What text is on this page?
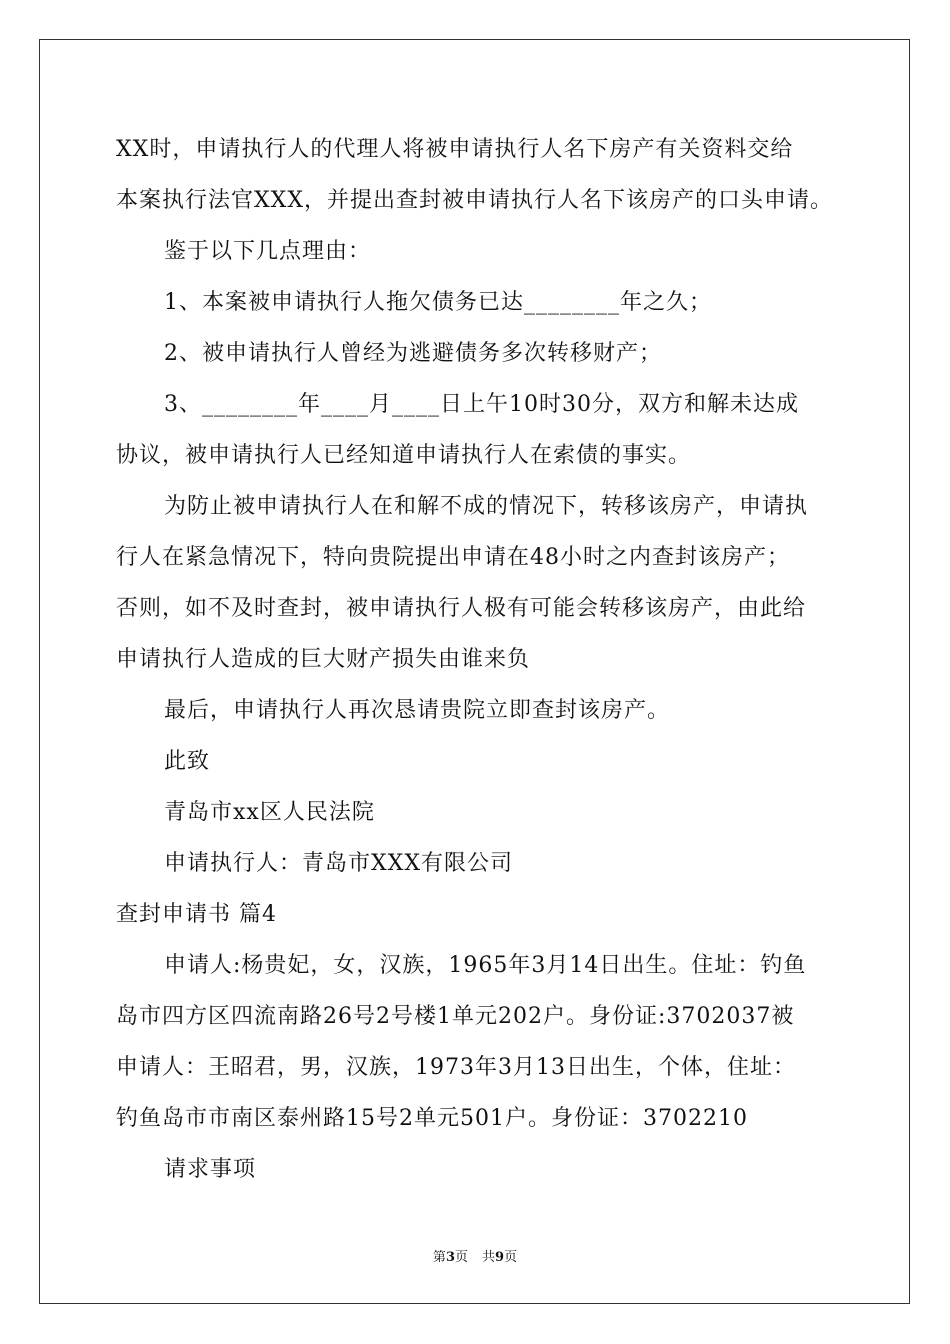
XX时，申请执行人的代理人将被申请执行人名下房产有关资料交给
本案执行法官XXX，并提出查封被申请执行人名下该房产的口头申请。
鉴于以下几点理由：
1、本案被申请执行人拖欠债务已达________年之久；
2、被申请执行人曾经为逃避债务多次转移财产；
3、________年____月____日上午10时30分，双方和解未达成
协议，被申请执行人已经知道申请执行人在索债的事实。
为防止被申请执行人在和解不成的情况下，转移该房产，申请执
行人在紧急情况下，特向贵院提出申请在48小时之内查封该房产；
否则，如不及时查封，被申请执行人极有可能会转移该房产，由此给
申请执行人造成的巨大财产损失由谁来负
最后，申请执行人再次恳请贵院立即查封该房产。
此致
青岛市xx区人民法院
申请执行人：青岛市XXX有限公司
查封申请书 篇4
申请人:杨贵妃，女，汉族，1965年3月14日出生。住址：钓鱼
岛市四方区四流南路26号2号楼1单元202户。身份证:3702037被
申请人：王昭君，男，汉族，1973年3月13日出生，个体，住址：
钓鱼岛市市南区泰州路15号2单元501户。身份证：3702210
请求事项
第3页 共9页
